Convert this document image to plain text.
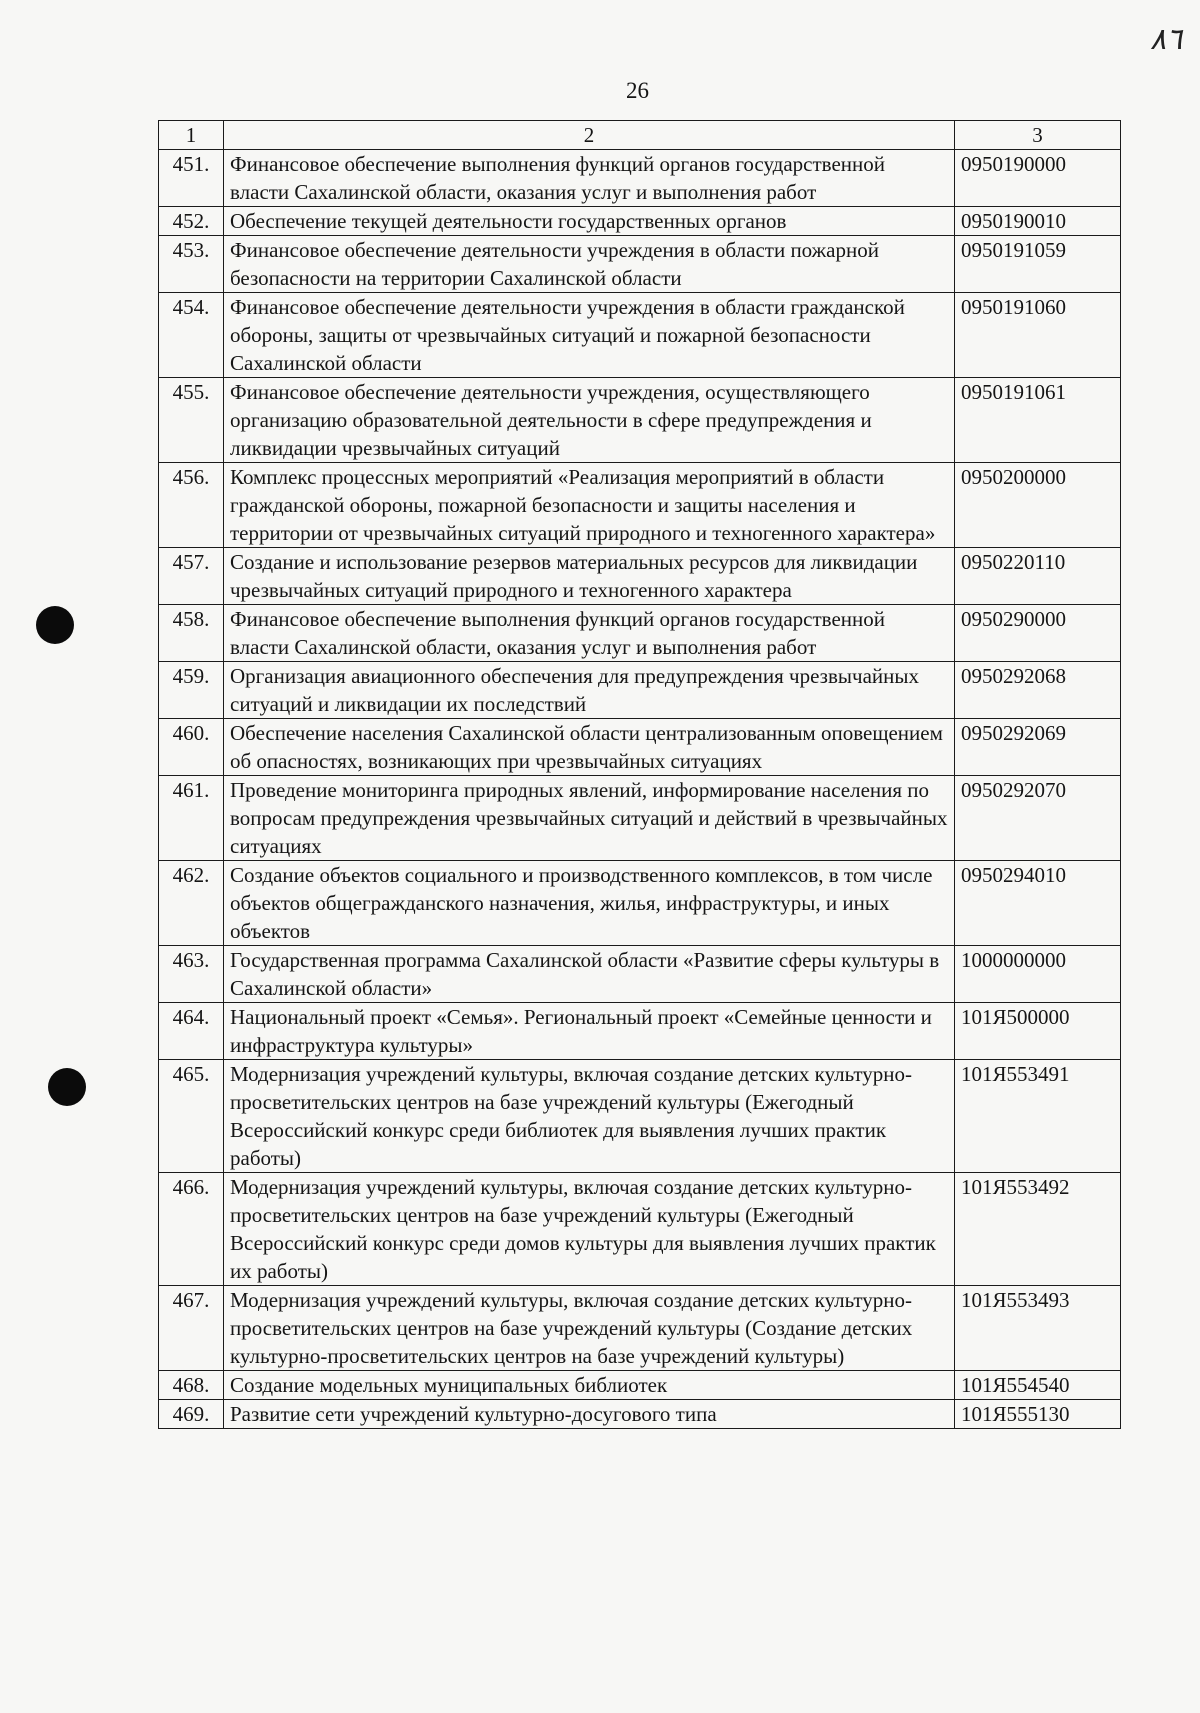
٨٦
26
1	2	3
451.	Финансовое обеспечение выполнения функций органов государственной власти Сахалинской области, оказания услуг и выполнения работ	0950190000
452.	Обеспечение текущей деятельности государственных органов	0950190010
453.	Финансовое обеспечение деятельности учреждения в области пожарной безопасности на территории Сахалинской области	0950191059
454.	Финансовое обеспечение деятельности учреждения в области гражданской обороны, защиты от чрезвычайных ситуаций и пожарной безопасности Сахалинской области	0950191060
455.	Финансовое обеспечение деятельности учреждения, осуществляющего организацию образовательной деятельности в сфере предупреждения и ликвидации чрезвычайных ситуаций	0950191061
456.	Комплекс процессных мероприятий «Реализация мероприятий в области гражданской обороны, пожарной безопасности и защиты населения и территории от чрезвычайных ситуаций природного и техногенного характера»	0950200000
457.	Создание и использование резервов материальных ресурсов для ликвидации чрезвычайных ситуаций природного и техногенного характера	0950220110
458.	Финансовое обеспечение выполнения функций органов государственной власти Сахалинской области, оказания услуг и выполнения работ	0950290000
459.	Организация авиационного обеспечения для предупреждения чрезвычайных ситуаций и ликвидации их последствий	0950292068
460.	Обеспечение населения Сахалинской области централизованным оповещением об опасностях, возникающих при чрезвычайных ситуациях	0950292069
461.	Проведение мониторинга природных явлений, информирование населения по вопросам предупреждения чрезвычайных ситуаций и действий в чрезвычайных ситуациях	0950292070
462.	Создание объектов социального и производственного комплексов, в том числе объектов общегражданского назначения, жилья, инфраструктуры, и иных объектов	0950294010
463.	Государственная программа Сахалинской области «Развитие сферы культуры в Сахалинской области»	1000000000
464.	Национальный проект «Семья». Региональный проект «Семейные ценности и инфраструктура культуры»	101Я500000
465.	Модернизация учреждений культуры, включая создание детских культурно-просветительских центров на базе учреждений культуры (Ежегодный Всероссийский конкурс среди библиотек для выявления лучших практик работы)	101Я553491
466.	Модернизация учреждений культуры, включая создание детских культурно-просветительских центров на базе учреждений культуры (Ежегодный Всероссийский конкурс среди домов культуры для выявления лучших практик их работы)	101Я553492
467.	Модернизация учреждений культуры, включая создание детских культурно-просветительских центров на базе учреждений культуры (Создание детских культурно-просветительских центров на базе учреждений культуры)	101Я553493
468.	Создание модельных муниципальных библиотек	101Я554540
469.	Развитие сети учреждений культурно-досугового типа	101Я555130
